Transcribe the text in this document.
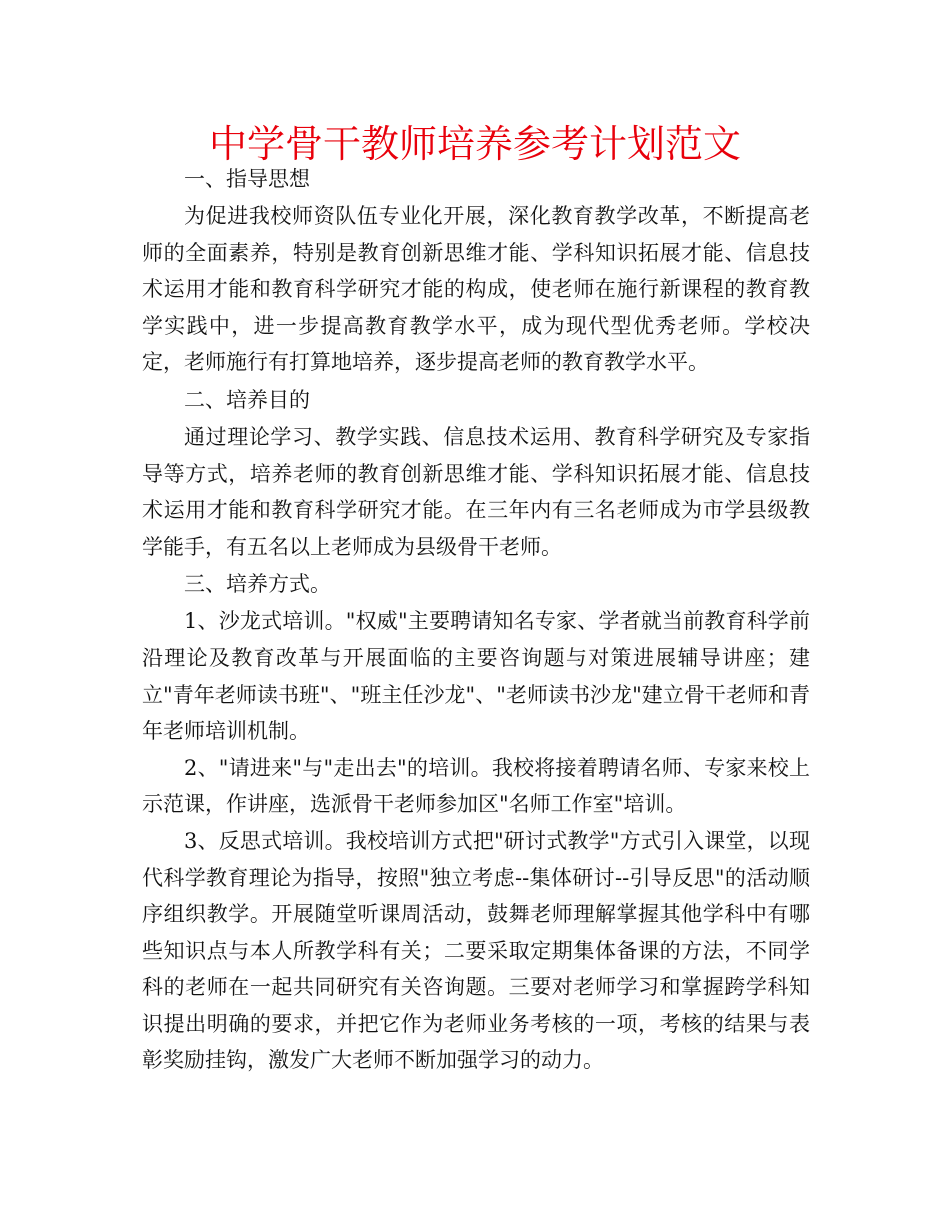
中学骨干教师培养参考计划范文
一、指导思想

为促进我校师资队伍专业化开展，深化教育教学改革，不断提高老师的全面素养，特别是教育创新思维才能、学科知识拓展才能、信息技术运用才能和教育科学研究才能的构成，使老师在施行新课程的教育教学实践中，进一步提高教育教学水平，成为现代型优秀老师。学校决定，老师施行有打算地培养，逐步提高老师的教育教学水平。

二、培养目的

通过理论学习、教学实践、信息技术运用、教育科学研究及专家指导等方式，培养老师的教育创新思维才能、学科知识拓展才能、信息技术运用才能和教育科学研究才能。在三年内有三名老师成为市学县级教学能手，有五名以上老师成为县级骨干老师。

三、培养方式。

1、沙龙式培训。"权威"主要聘请知名专家、学者就当前教育科学前沿理论及教育改革与开展面临的主要咨询题与对策进展辅导讲座；建立"青年老师读书班"、"班主任沙龙"、"老师读书沙龙"建立骨干老师和青年老师培训机制。

2、"请进来"与"走出去"的培训。我校将接着聘请名师、专家来校上示范课，作讲座，选派骨干老师参加区"名师工作室"培训。

3、反思式培训。我校培训方式把"研讨式教学"方式引入课堂，以现代科学教育理论为指导，按照"独立考虑--集体研讨--引导反思"的活动顺序组织教学。开展随堂听课周活动，鼓舞老师理解掌握其他学科中有哪些知识点与本人所教学科有关；二要采取定期集体备课的方法，不同学科的老师在一起共同研究有关咨询题。三要对老师学习和掌握跨学科知识提出明确的要求，并把它作为老师业务考核的一项，考核的结果与表彰奖励挂钩，激发广大老师不断加强学习的动力。
